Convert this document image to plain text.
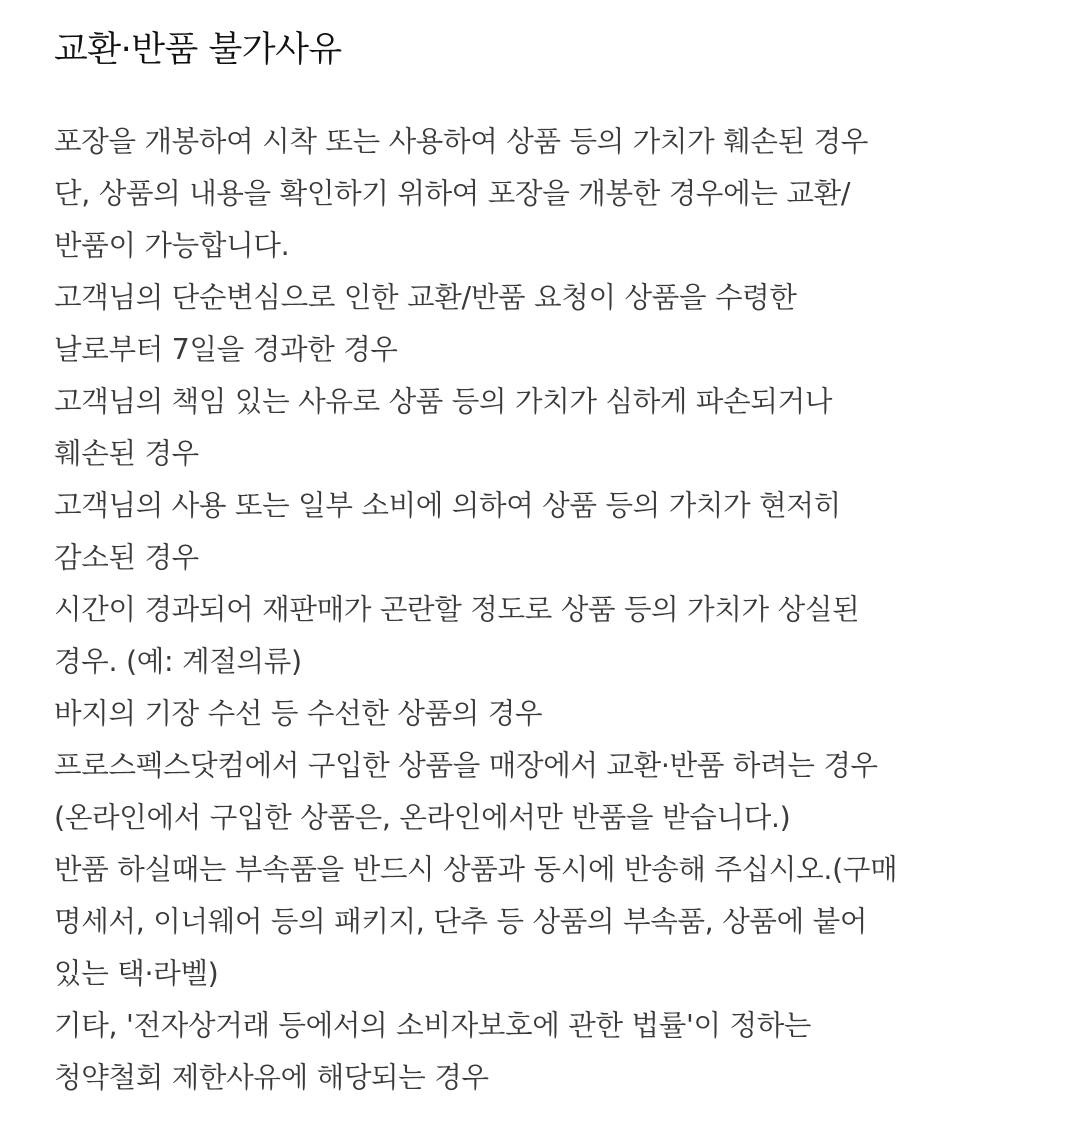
교환·반품 불가사유
포장을 개봉하여 시착 또는 사용하여 상품 등의 가치가 훼손된 경우
단, 상품의 내용을 확인하기 위하여 포장을 개봉한 경우에는 교환/
반품이 가능합니다.
고객님의 단순변심으로 인한 교환/반품 요청이 상품을 수령한
날로부터 7일을 경과한 경우
고객님의 책임 있는 사유로 상품 등의 가치가 심하게 파손되거나
훼손된 경우
고객님의 사용 또는 일부 소비에 의하여 상품 등의 가치가 현저히
감소된 경우
시간이 경과되어 재판매가 곤란할 정도로 상품 등의 가치가 상실된
경우. (예: 계절의류)
바지의 기장 수선 등 수선한 상품의 경우
프로스펙스닷컴에서 구입한 상품을 매장에서 교환·반품 하려는 경우
(온라인에서 구입한 상품은, 온라인에서만 반품을 받습니다.)
반품 하실때는 부속품을 반드시 상품과 동시에 반송해 주십시오.(구매
명세서, 이너웨어 등의 패키지, 단추 등 상품의 부속품, 상품에 붙어
있는 택·라벨)
기타, '전자상거래 등에서의 소비자보호에 관한 법률'이 정하는
청약철회 제한사유에 해당되는 경우
